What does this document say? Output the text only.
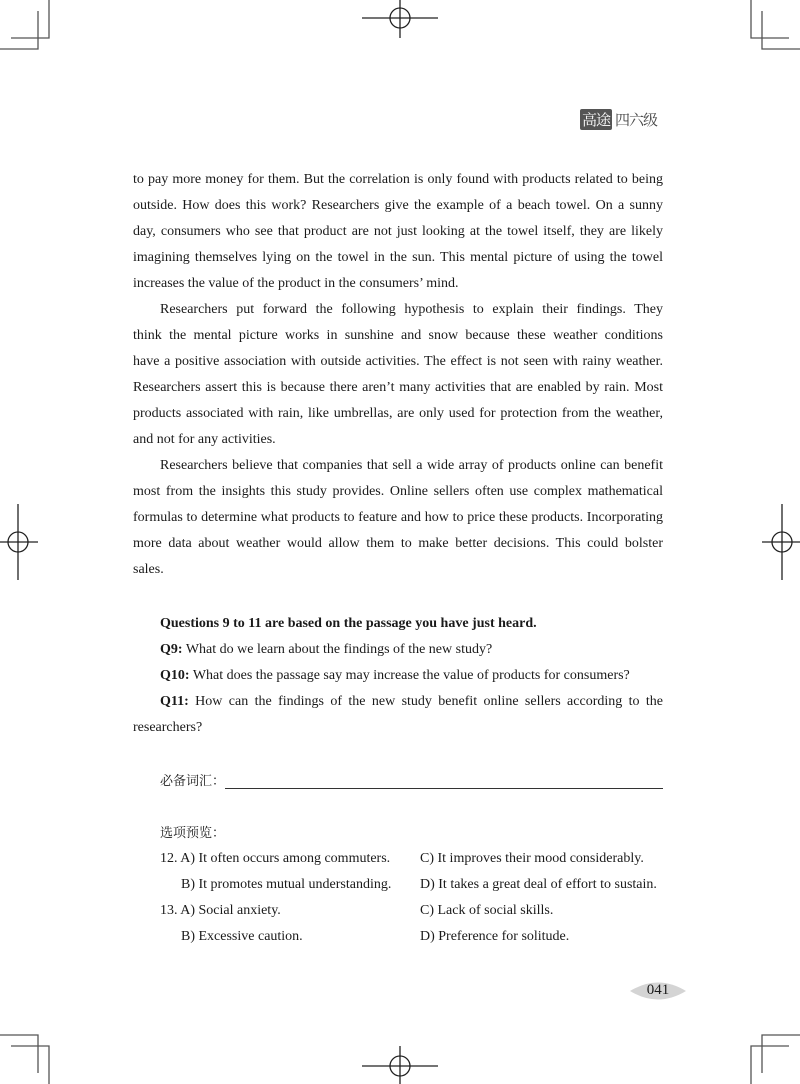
高途 四六级
to pay more money for them. But the correlation is only found with products related to being
outside. How does this work? Researchers give the example of a beach towel. On a sunny
day, consumers who see that product are not just looking at the towel itself, they are likely
imagining themselves lying on the towel in the sun. This mental picture of using the towel
increases the value of the product in the consumers’ mind.
Researchers put forward the following hypothesis to explain their findings. They
think the mental picture works in sunshine and snow because these weather conditions
have a positive association with outside activities. The effect is not seen with rainy weather.
Researchers assert this is because there aren’t many activities that are enabled by rain. Most
products associated with rain, like umbrellas, are only used for protection from the weather,
and not for any activities.
Researchers believe that companies that sell a wide array of products online can benefit
most from the insights this study provides. Online sellers often use complex mathematical
formulas to determine what products to feature and how to price these products. Incorporating
more data about weather would allow them to make better decisions. This could bolster
sales.
Questions 9 to 11 are based on the passage you have just heard.
Q9: What do we learn about the findings of the new study?
Q10: What does the passage say may increase the value of products for consumers?
Q11: How can the findings of the new study benefit online sellers according to the
researchers?
必备词汇：
选项预览：
12. A) It often occurs among commuters. C) It improves their mood considerably.
B) It promotes mutual understanding. D) It takes a great deal of effort to sustain.
13. A) Social anxiety.	C) Lack of social skills.
B) Excessive caution.	D) Preference for solitude.
041
